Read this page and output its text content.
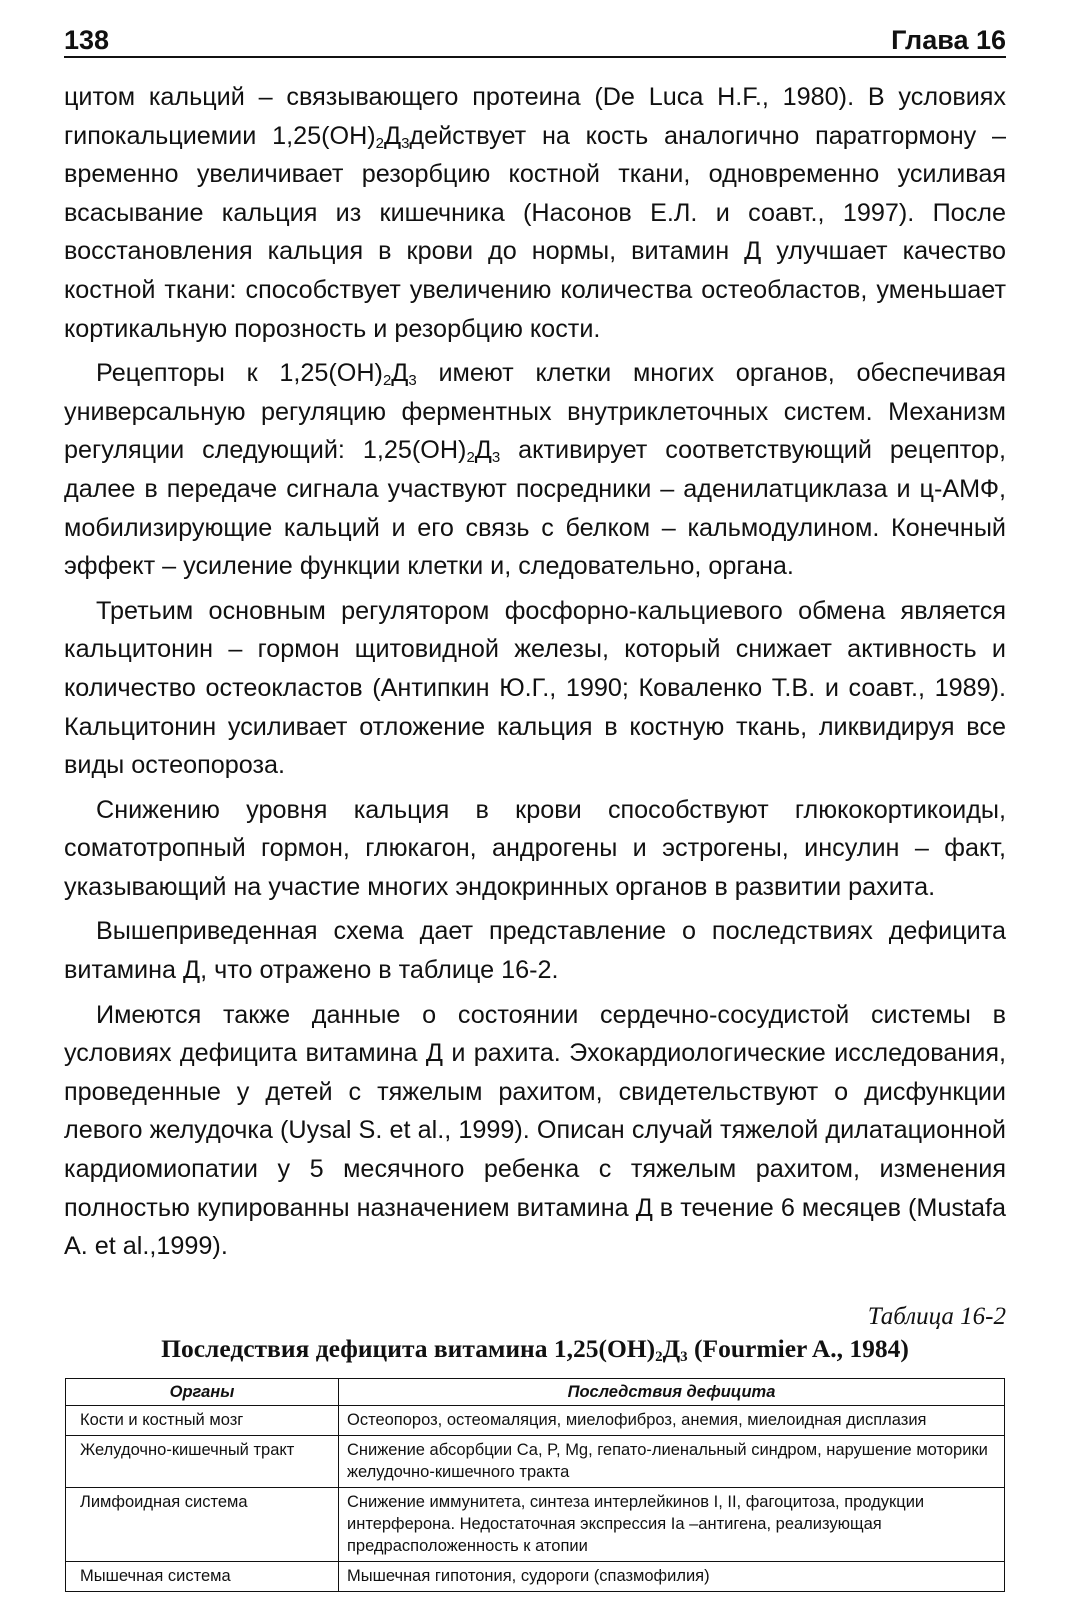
138	Глава 16

цитом кальций – связывающего протеина (De Luca H.F., 1980). В условиях гипокальциемии $1,25(OH)_2Д_3действует$ на кость аналогично паратгормону – временно увеличивает резорбцию костной ткани, одновременно усиливая всасывание кальция из кишечника (Насонов Е.Л. и соавт., 1997). После восстановления кальция в крови до нормы, витамин Д улучшает качество костной ткани: способствует увеличению количества остеобластов, уменьшает кортикальную порозность и резорбцию кости.

Рецепторы к $1,25(OH)_2Д_3$ имеют клетки многих органов, обеспечивая универсальную регуляцию ферментных внутриклеточных систем. Механизм регуляции следующий: $1,25(OH)_2Д_3$ активирует соответствующий рецептор, далее в передаче сигнала участвуют посредники – аденилатциклаза и ц-АМФ, мобилизирующие кальций и его связь с белком – кальмодулином. Конечный эффект – усиление функции клетки и, следовательно, органа.

Третьим основным регулятором фосфорно-кальциевого обмена является кальцитонин – гормон щитовидной железы, который снижает активность и количество остеокластов (Антипкин Ю.Г., 1990; Коваленко Т.В. и соавт., 1989). Кальцитонин усиливает отложение кальция в костную ткань, ликвидируя все виды остеопороза.

Снижению уровня кальция в крови способствуют глюкокортикоиды, соматотропный гормон, глюкагон, андрогены и эстрогены, инсулин – факт, указывающий на участие многих эндокринных органов в развитии рахита.

Вышеприведенная схема дает представление о последствиях дефицита витамина Д, что отражено в таблице 16-2.

Имеются также данные о состоянии сердечно-сосудистой системы в условиях дефицита витамина Д и рахита. Эхокардиологические исследования, проведенные у детей с тяжелым рахитом, свидетельствуют о дисфункции левого желудочка (Uysal S. et al., 1999). Описан случай тяжелой дилатационной кардиомиопатии у 5 месячного ребенка с тяжелым рахитом, изменения полностью купированны назначением витамина Д в течение 6 месяцев (Mustafa A. et al.,1999).

Таблица 16-2
Последствия дефицита витамина $1,25(OH)_2Д_3$ (Fourmier A., 1984)
Органы	Последствия дефицита
Кости и костный мозг	Остеопороз, остеомаляция, миелофиброз, анемия, миелоидная дисплазия
Желудочно-кишечный тракт	Снижение абсорбции Са, P, Mg, гепато-лиенальный синдром, нарушение моторики желудочно-кишечного тракта
Лимфоидная система	Снижение иммунитета, синтеза интерлейкинов I, II, фагоцитоза, продукции интерферона. Недостаточная экспрессия Ia –антигена, реализующая предрасположенность к атопии
Мышечная система	Мышечная гипотония, судороги (спазмофилия)
